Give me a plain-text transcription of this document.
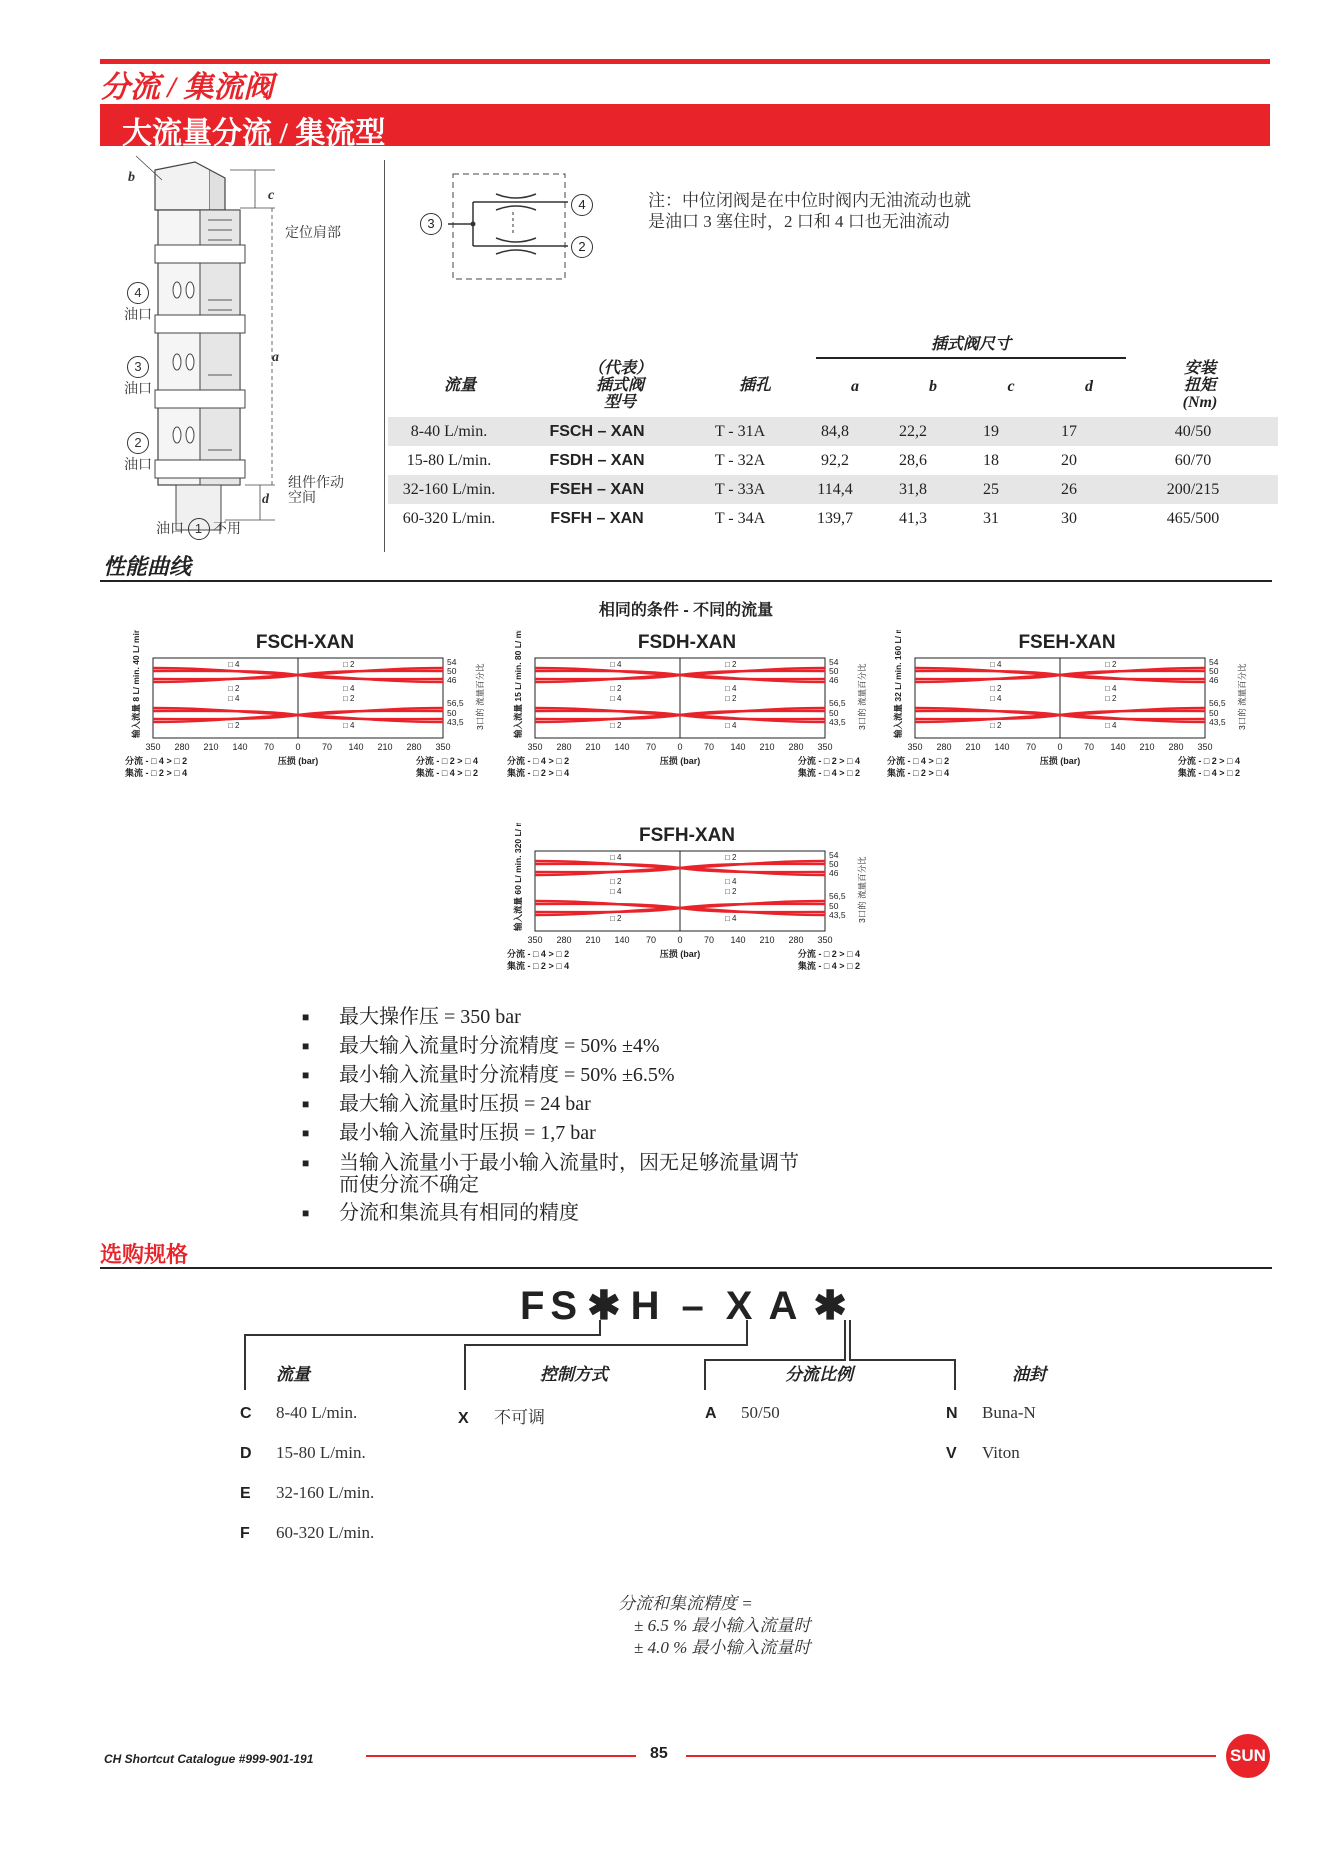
分流 / 集流阀
大流量分流 / 集流型
b
c
定位肩部
a
d
组件作动
空间
4
油口
3
油口
2
油口
油口 1 不用
3
4
2
注：中位闭阀是在中位时阀内无油流动也就
是油口 3 塞住时，2 口和 4 口也无油流动
插式阀尺寸
流量
（代表）
插式阀
型号
插孔	a	b	c	d
安装
扭矩
(Nm)
8-40 L/min.	FSCH – XAN	T - 31A	84,8	22,2	19	17	40/50
15-80 L/min.	FSDH – XAN	T - 32A	92,2	28,6	18	20	60/70
32-160 L/min.	FSEH – XAN	T - 33A	114,4	31,8	25	26	200/215
60-320 L/min.	FSFH – XAN	T - 34A	139,7	41,3	31	30	465/500
性能曲线
相同的条件 - 不同的流量
FSCH-XAN
□ 4	□ 2
□ 2	□ 4
□ 4	□ 2
□ 2	□ 4
54
50
46
56,5
50
43,5
350 280 210 140 70 0 70 140 210 280 350
输入流量 8 L/ min. 40 L/ min.	3口的 流量百分比
压损 (bar)
分流 - □ 4 > □ 2
集流 - □ 2 > □ 4
分流 - □ 2 > □ 4
集流 - □ 4 > □ 2
FSDH-XAN
□ 4	□ 2
□ 2	□ 4
□ 4	□ 2
□ 2	□ 4
54
50
46
56,5
50
43,5
350 280 210 140 70 0 70 140 210 280 350
输入流量 15 L/ min. 80 L/ min.	3口的 流量百分比
压损 (bar)
分流 - □ 4 > □ 2
集流 - □ 2 > □ 4
分流 - □ 2 > □ 4
集流 - □ 4 > □ 2
FSEH-XAN
□ 4	□ 2
□ 2	□ 4
□ 4	□ 2
□ 2	□ 4
54
50
46
56,5
50
43,5
350 280 210 140 70 0 70 140 210 280 350
输入流量 32 L/ min. 160 L/ min.	3口的 流量百分比
压损 (bar)
分流 - □ 4 > □ 2
集流 - □ 2 > □ 4
分流 - □ 2 > □ 4
集流 - □ 4 > □ 2
FSFH-XAN
□ 4	□ 2
□ 2	□ 4
□ 4	□ 2
□ 2	□ 4
54
50
46
56,5
50
43,5
350 280 210 140 70 0 70 140 210 280 350
输入流量 60 L/ min. 320 L/ min.	3口的 流量百分比
压损 (bar)
分流 - □ 4 > □ 2
集流 - □ 2 > □ 4
分流 - □ 2 > □ 4
集流 - □ 4 > □ 2
■ 最大操作压 = 350 bar
■ 最大输入流量时分流精度 = 50% ±4%
■ 最小输入流量时分流精度 = 50% ±6.5%
■ 最大输入流量时压损 = 24 bar
■ 最小输入流量时压损 = 1,7 bar
■ 当输入流量小于最小输入流量时，因无足够流量调节
而使分流不确定
■ 分流和集流具有相同的精度
选购规格
FS ✱ H – X A ✱
流量
C 8-40 L/min.
D 15-80 L/min.
E 32-160 L/min.
F 60-320 L/min.
控制方式
X 不可调
分流比例
A 50/50
油封
N Buna-N
V Viton
分流和集流精度 =
± 6.5 % 最小输入流量时
± 4.0 % 最小输入流量时
CH Shortcut Catalogue #999-901-191	85	SUN
